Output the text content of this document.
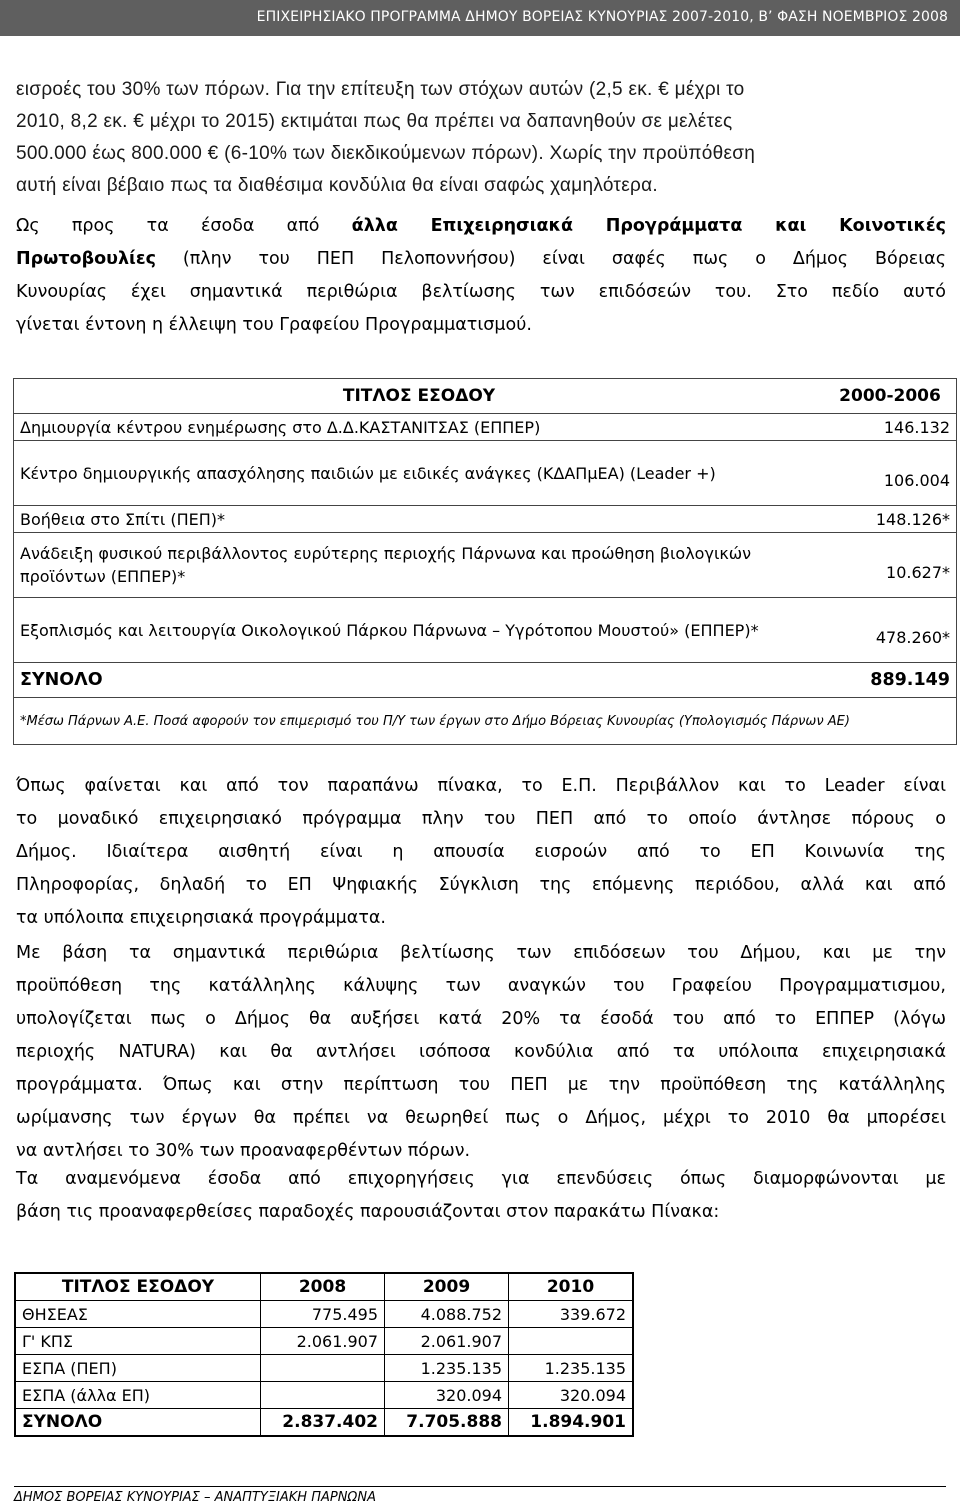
ΕΠΙΧΕΙΡΗΣΙΑΚΟ ΠΡΟΓΡΑΜΜΑ ΔΗΜΟΥ ΒΟΡΕΙΑΣ ΚΥΝΟΥΡΙΑΣ 2007-2010, Β’ ΦΑΣΗ ΝΟΕΜΒΡΙΟΣ 2008
εισροές του 30% των πόρων. Για την επίτευξη των στόχων αυτών (2,5 εκ. € μέχρι το
2010, 8,2 εκ. € μέχρι το 2015) εκτιμάται πως θα πρέπει να δαπανηθούν σε μελέτες
500.000 έως 800.000 € (6-10% των διεκδικούμενων πόρων). Χωρίς την προϋπόθεση
αυτή είναι βέβαιο πως τα διαθέσιμα κονδύλια θα είναι σαφώς χαμηλότερα.
Ως προς τα έσοδα από άλλα Επιχειρησιακά Προγράμματα και Κοινοτικές
Πρωτοβουλίες (πλην του ΠΕΠ Πελοποννήσου) είναι σαφές πως ο Δήμος Βόρειας
Κυνουρίας έχει σημαντικά περιθώρια βελτίωσης των επιδόσεών του. Στο πεδίο αυτό
γίνεται έντονη η έλλειψη του Γραφείου Προγραμματισμού.
ΤΙΤΛΟΣ ΕΣΟΔΟΥ	2000-2006
Δημιουργία κέντρου ενημέρωσης στο Δ.Δ.ΚΑΣΤΑΝΙΤΣΑΣ (ΕΠΠΕΡ)	146.132
Κέντρο δημιουργικής απασχόλησης παιδιών με ειδικές ανάγκες (ΚΔΑΠμΕΑ) (Leader +)	106.004
Βοήθεια στο Σπίτι (ΠΕΠ)*	148.126*
Ανάδειξη φυσικού περιβάλλοντος ευρύτερης περιοχής Πάρνωνα και προώθηση βιολογικών προϊόντων (ΕΠΠΕΡ)*	10.627*
Εξοπλισμός και λειτουργία Οικολογικού Πάρκου Πάρνωνα – Υγρότοπου Μουστού» (ΕΠΠΕΡ)*	478.260*
ΣΥΝΟΛΟ	889.149
*Μέσω Πάρνων Α.Ε. Ποσά αφορούν τον επιμερισμό του Π/Υ των έργων στο Δήμο Βόρειας Κυνουρίας (Υπολογισμός Πάρνων ΑΕ)	
Όπως φαίνεται και από τον παραπάνω πίνακα, το Ε.Π. Περιβάλλον και το Leader είναι
το μοναδικό επιχειρησιακό πρόγραμμα πλην του ΠΕΠ από το οποίο άντλησε πόρους ο
Δήμος. Ιδιαίτερα αισθητή είναι η απουσία εισροών από το ΕΠ Κοινωνία της
Πληροφορίας, δηλαδή το ΕΠ Ψηφιακής Σύγκλιση της επόμενης περιόδου, αλλά και από
τα υπόλοιπα επιχειρησιακά προγράμματα.
Με βάση τα σημαντικά περιθώρια βελτίωσης των επιδόσεων του Δήμου, και με την
προϋπόθεση της κατάλληλης κάλυψης των αναγκών του Γραφείου Προγραμματισμου,
υπολογίζεται πως ο Δήμος θα αυξήσει κατά 20% τα έσοδά του από το ΕΠΠΕΡ (λόγω
περιοχής NATURA) και θα αντλήσει ισόποσα κονδύλια από τα υπόλοιπα επιχειρησιακά
προγράμματα. Όπως και στην περίπτωση του ΠΕΠ με την προϋπόθεση της κατάλληλης
ωρίμανσης των έργων θα πρέπει να θεωρηθεί πως ο Δήμος, μέχρι το 2010 θα μπορέσει
να αντλήσει το 30% των προαναφερθέντων πόρων.
Τα αναμενόμενα έσοδα από επιχορηγήσεις για επενδύσεις όπως διαμορφώνονται με
βάση τις προαναφερθείσες παραδοχές παρουσιάζονται στον παρακάτω Πίνακα:
ΤΙΤΛΟΣ ΕΣΟΔΟΥ	2008	2009	2010
ΘΗΣΕΑΣ	775.495	4.088.752	339.672
Γ' ΚΠΣ	2.061.907	2.061.907	
ΕΣΠΑ (ΠΕΠ)		1.235.135	1.235.135
ΕΣΠΑ (άλλα ΕΠ)		320.094	320.094
ΣΥΝΟΛΟ	2.837.402	7.705.888	1.894.901
ΔΗΜΟΣ ΒΟΡΕΙΑΣ ΚΥΝΟΥΡΙΑΣ – ΑΝΑΠΤΥΞΙΑΚΗ ΠΑΡΝΩΝΑ
